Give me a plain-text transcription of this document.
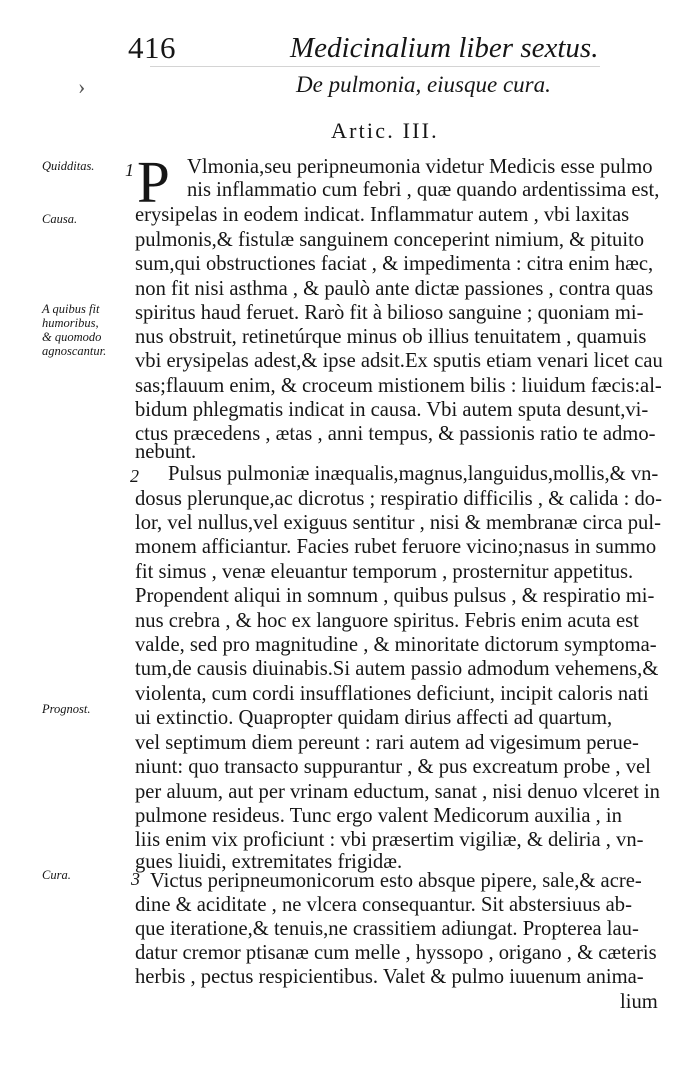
416	Medicinalium liber sextus.
›	De pulmonia, eiusque cura.
Artic. III.
Quidditas.
Causa.
A quibus fit
humoribus,
& quomodo
agnoscantur.
Prognost.
Cura.
1
2
3
P Vlmonia,seu peripneumonia videtur Medicis esse pulmo
nis inflammatio cum febri , quæ quando ardentissima est,
erysipelas in eodem indicat. Inflammatur autem , vbi laxitas
pulmonis,& fistulæ sanguinem conceperint nimium, & pituito
sum,qui obstructiones faciat , & impedimenta : citra enim hæc,
non fit nisi asthma , & paulò ante dictæ passiones , contra quas
spiritus haud feruet. Rarò fit à bilioso sanguine ; quoniam mi-
nus obstruit, retinetúrque minus ob illius tenuitatem , quamuis
vbi erysipelas adest,& ipse adsit.Ex sputis etiam venari licet cau
sas;flauum enim, & croceum mistionem bilis : liuidum fæcis:al-
bidum phlegmatis indicat in causa. Vbi autem sputa desunt,vi-
ctus præcedens , ætas , anni tempus, & passionis ratio te admo-
nebunt.
Pulsus pulmoniæ inæqualis,magnus,languidus,mollis,& vn-
dosus plerunque,ac dicrotus ; respiratio difficilis , & calida : do-
lor, vel nullus,vel exiguus sentitur , nisi & membranæ circa pul-
monem afficiantur. Facies rubet feruore vicino;nasus in summo
fit simus , venæ eleuantur temporum , prosternitur appetitus.
Propendent aliqui in somnum , quibus pulsus , & respiratio mi-
nus crebra , & hoc ex languore spiritus. Febris enim acuta est
valde, sed pro magnitudine , & minoritate dictorum symptoma-
tum,de causis diuinabis.Si autem passio admodum vehemens,&
violenta, cum cordi insufflationes deficiunt, incipit caloris nati
ui extinctio. Quapropter quidam dirius affecti ad quartum,
vel septimum diem pereunt : rari autem ad vigesimum perue-
niunt: quo transacto suppurantur , & pus excreatum probe , vel
per aluum, aut per vrinam eductum, sanat , nisi denuo vlceret in
pulmone resideus. Tunc ergo valent Medicorum auxilia , in
liis enim vix proficiunt : vbi præsertim vigiliæ, & deliria , vn-
gues liuidi, extremitates frigidæ.
Victus peripneumonicorum esto absque pipere, sale,& acre-
dine & aciditate , ne vlcera consequantur. Sit abstersiuus ab-
que iteratione,& tenuis,ne crassitiem adiungat. Propterea lau-
datur cremor ptisanæ cum melle , hyssopo , origano , & cæteris
herbis , pectus respicientibus. Valet & pulmo iuuenum anima-
lium
